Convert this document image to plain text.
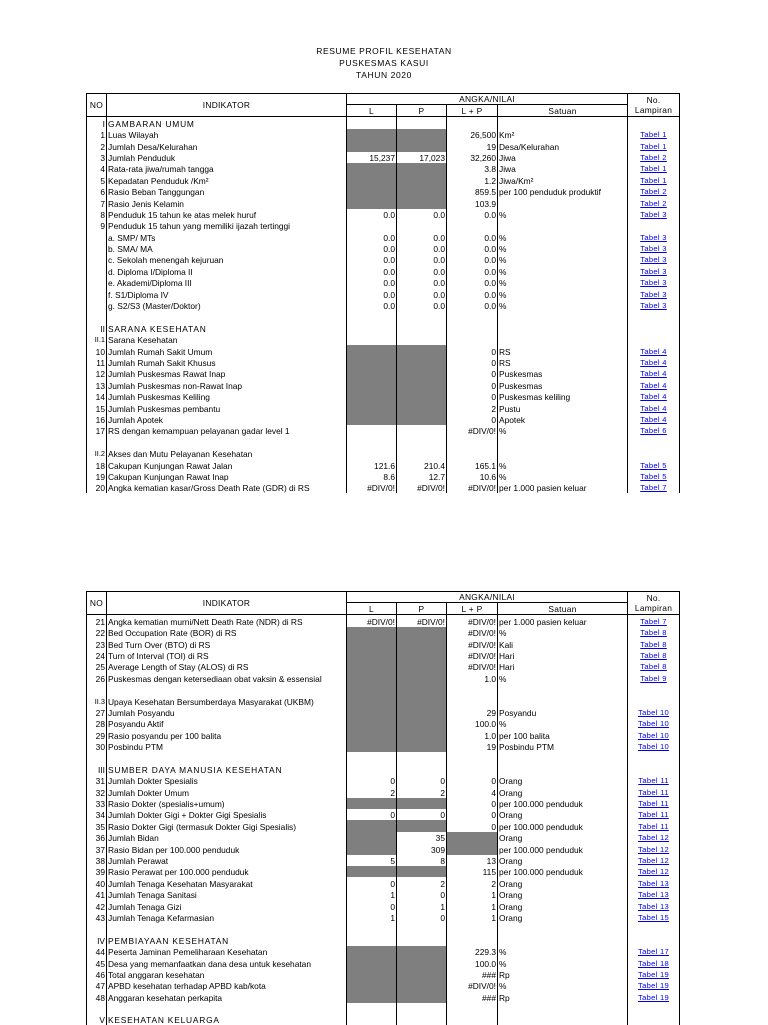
RESUME PROFIL KESEHATAN
PUSKESMAS KASUI
TAHUN 2020
NO	INDIKATOR	ANGKA/NILAI				No.
Lampiran
		L	P	L + P	Satuan	
I	GAMBARAN UMUM					
1	Luas Wilayah			26,500	Km²	Tabel 1
2	Jumlah Desa/Kelurahan			19	Desa/Kelurahan	Tabel 1
3	Jumlah Penduduk	15,237	17,023	32,260	Jiwa	Tabel 2
4	Rata-rata jiwa/rumah tangga			3.8	Jiwa	Tabel 1
5	Kepadatan Penduduk /Km²			1.2	Jiwa/Km²	Tabel 1
6	Rasio Beban Tanggungan			859.5	per 100 penduduk produktif	Tabel 2
7	Rasio Jenis Kelamin			103.9		Tabel 2
8	Penduduk 15 tahun ke atas melek huruf	0.0	0.0	0.0	%	Tabel 3
9	Penduduk 15 tahun yang memiliki ijazah tertinggi					
	a. SMP/ MTs	0.0	0.0	0.0	%	Tabel 3
	b. SMA/ MA	0.0	0.0	0.0	%	Tabel 3
	c. Sekolah menengah kejuruan	0.0	0.0	0.0	%	Tabel 3
	d. Diploma I/Diploma II	0.0	0.0	0.0	%	Tabel 3
	e. Akademi/Diploma III	0.0	0.0	0.0	%	Tabel 3
	f. S1/Diploma IV	0.0	0.0	0.0	%	Tabel 3
	g. S2/S3 (Master/Doktor)	0.0	0.0	0.0	%	Tabel 3

II	SARANA KESEHATAN					
II.1	Sarana Kesehatan					
10	Jumlah Rumah Sakit Umum			0	RS	Tabel 4
11	Jumlah Rumah Sakit Khusus			0	RS	Tabel 4
12	Jumlah Puskesmas Rawat Inap			0	Puskesmas	Tabel 4
13	Jumlah Puskesmas non-Rawat Inap			0	Puskesmas	Tabel 4
14	Jumlah Puskesmas Keliling			0	Puskesmas keliling	Tabel 4
15	Jumlah Puskesmas pembantu			2	Pustu	Tabel 4
16	Jumlah Apotek			0	Apotek	Tabel 4
17	RS dengan kemampuan pelayanan gadar level 1			#DIV/0!	%	Tabel 6

II.2	Akses dan Mutu Pelayanan Kesehatan					
18	Cakupan Kunjungan Rawat Jalan	121.6	210.4	165.1	%	Tabel 5
19	Cakupan Kunjungan Rawat Inap	8.6	12.7	10.6	%	Tabel 5
20	Angka kematian kasar/Gross Death Rate (GDR) di RS	#DIV/0!	#DIV/0!	#DIV/0!	per 1.000 pasien keluar	Tabel 7
NO	INDIKATOR	ANGKA/NILAI				No.
Lampiran
		L	P	L + P	Satuan	
21	Angka kematian murni/Nett Death Rate (NDR) di RS	#DIV/0!	#DIV/0!	#DIV/0!	per 1.000 pasien keluar	Tabel 7
22	Bed Occupation Rate (BOR) di RS			#DIV/0!	%	Tabel 8
23	Bed Turn Over (BTO) di RS			#DIV/0!	Kali	Tabel 8
24	Turn of Interval (TOI) di RS			#DIV/0!	Hari	Tabel 8
25	Average Length of Stay (ALOS) di RS			#DIV/0!	Hari	Tabel 8
26	Puskesmas dengan ketersediaan obat vaksin & essensial			1.0	%	Tabel 9

II.3	Upaya Kesehatan Bersumberdaya Masyarakat (UKBM)					
27	Jumlah Posyandu			29	Posyandu	Tabel 10
28	Posyandu Aktif			100.0	%	Tabel 10
29	Rasio posyandu per 100 balita			1.0	per 100 balita	Tabel 10
30	Posbindu PTM			19	Posbindu PTM	Tabel 10

III	SUMBER DAYA MANUSIA KESEHATAN					
31	Jumlah Dokter Spesialis	0	0	0	Orang	Tabel 11
32	Jumlah Dokter Umum	2	2	4	Orang	Tabel 11
33	Rasio Dokter (spesialis+umum)			0	per 100.000 penduduk	Tabel 11
34	Jumlah Dokter Gigi + Dokter Gigi Spesialis	0	0	0	Orang	Tabel 11
35	Rasio Dokter Gigi (termasuk Dokter Gigi Spesialis)			0	per 100.000 penduduk	Tabel 11
36	Jumlah Bidan		35		Orang	Tabel 12
37	Rasio Bidan per 100.000 penduduk		309		per 100.000 penduduk	Tabel 12
38	Jumlah Perawat	5	8	13	Orang	Tabel 12
39	Rasio Perawat per 100.000 penduduk			115	per 100.000 penduduk	Tabel 12
40	Jumlah Tenaga Kesehatan Masyarakat	0	2	2	Orang	Tabel 13
41	Jumlah Tenaga Sanitasi	1	0	1	Orang	Tabel 13
42	Jumlah Tenaga Gizi	0	1	1	Orang	Tabel 13
43	Jumlah Tenaga Kefarmasian	1	0	1	Orang	Tabel 15

IV	PEMBIAYAAN KESEHATAN					
44	Peserta Jaminan Pemeliharaan Kesehatan			229.3	%	Tabel 17
45	Desa yang memanfaatkan dana desa untuk kesehatan			100.0	%	Tabel 18
46	Total anggaran kesehatan			###	Rp	Tabel 19
47	APBD kesehatan terhadap APBD kab/kota			#DIV/0!	%	Tabel 19
48	Anggaran kesehatan perkapita			###	Rp	Tabel 19

V	KESEHATAN KELUARGA					
